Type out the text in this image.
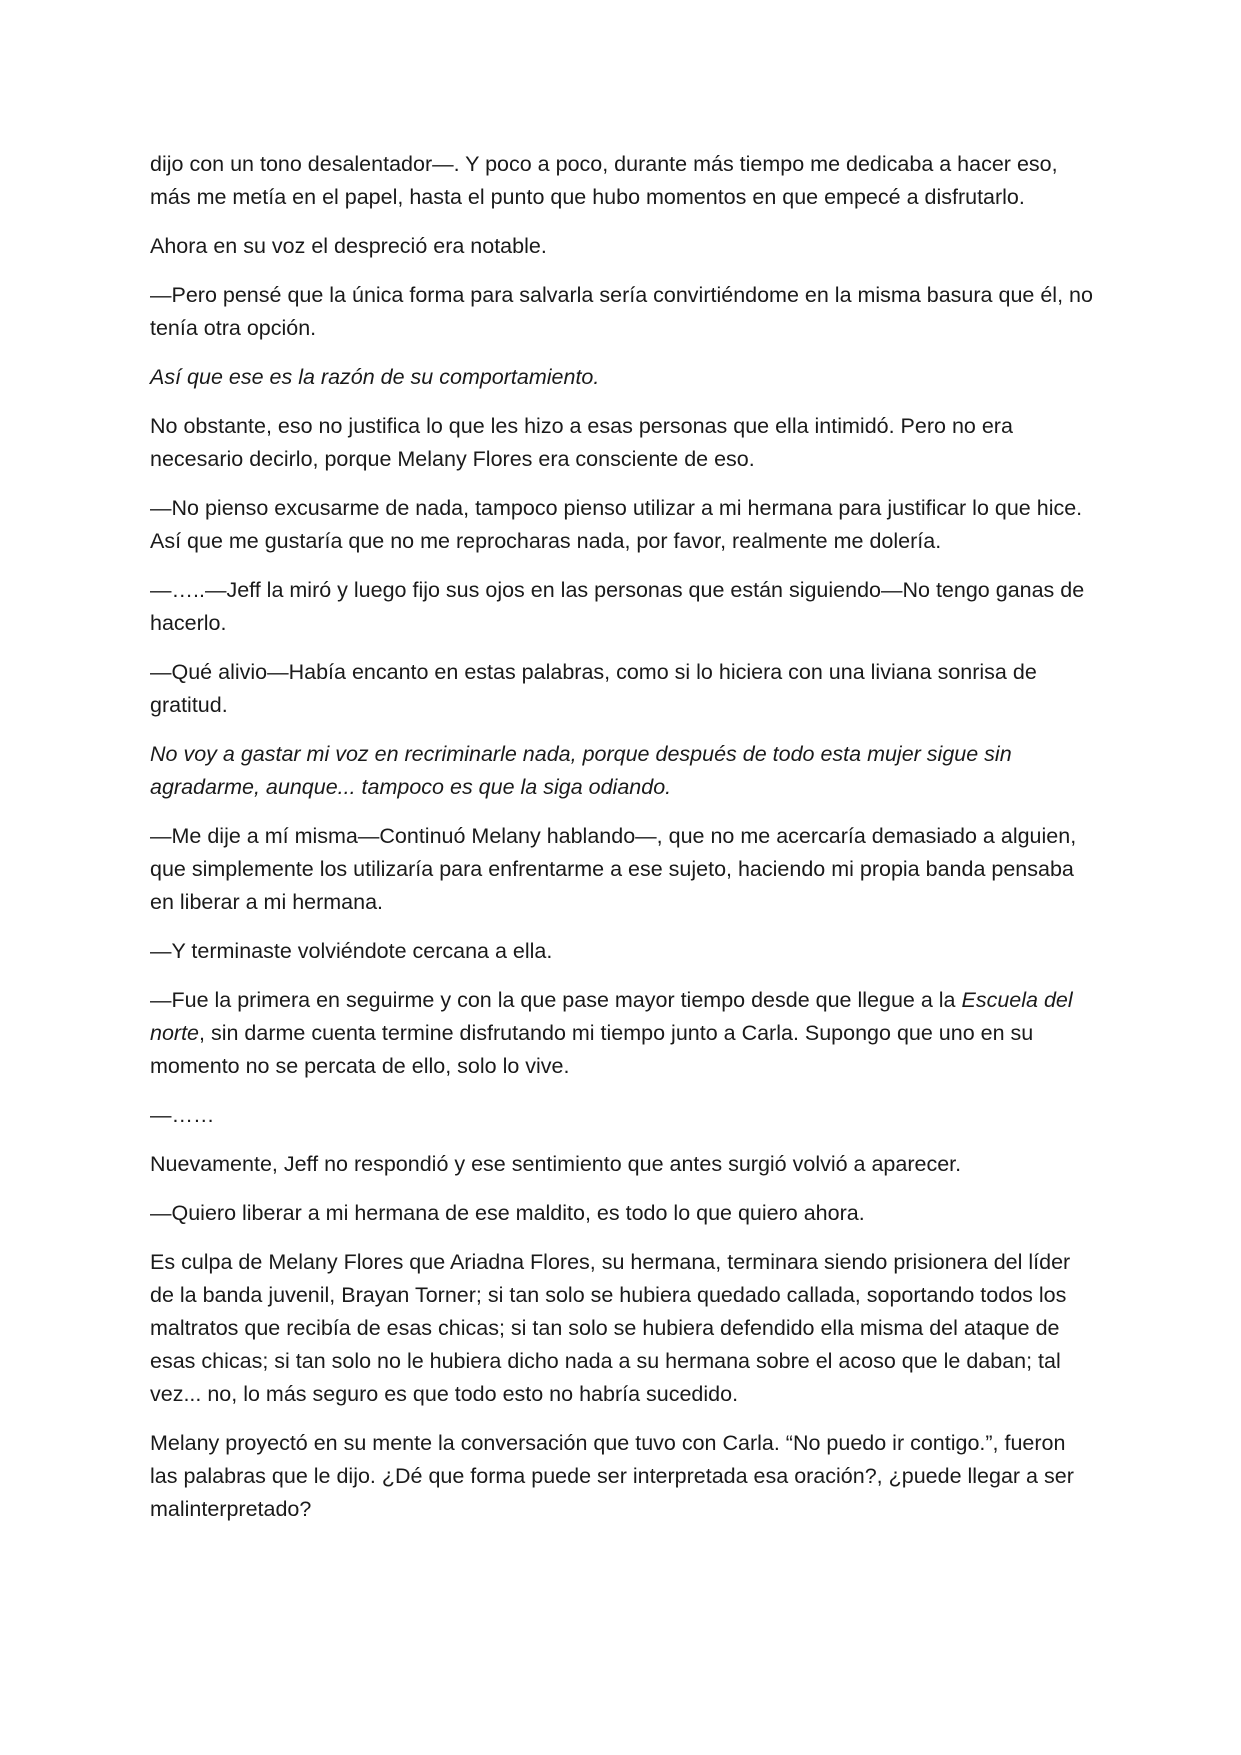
dijo con un tono desalentador—. Y poco a poco, durante más tiempo me dedicaba a hacer eso, más me metía en el papel, hasta el punto que hubo momentos en que empecé a disfrutarlo.

Ahora en su voz el despreció era notable.

—Pero pensé que la única forma para salvarla sería convirtiéndome en la misma basura que él, no tenía otra opción.

Así que ese es la razón de su comportamiento.

No obstante, eso no justifica lo que les hizo a esas personas que ella intimidó. Pero no era necesario decirlo, porque Melany Flores era consciente de eso.

—No pienso excusarme de nada, tampoco pienso utilizar a mi hermana para justificar lo que hice. Así que me gustaría que no me reprocharas nada, por favor, realmente me dolería.

—…..—Jeff la miró y luego fijo sus ojos en las personas que están siguiendo—No tengo ganas de hacerlo.

—Qué alivio—Había encanto en estas palabras, como si lo hiciera con una liviana sonrisa de gratitud.

No voy a gastar mi voz en recriminarle nada, porque después de todo esta mujer sigue sin agradarme, aunque... tampoco es que la siga odiando.

—Me dije a mí misma—Continuó Melany hablando—, que no me acercaría demasiado a alguien, que simplemente los utilizaría para enfrentarme a ese sujeto, haciendo mi propia banda pensaba en liberar a mi hermana.

—Y terminaste volviéndote cercana a ella.

—Fue la primera en seguirme y con la que pase mayor tiempo desde que llegue a la Escuela del norte, sin darme cuenta termine disfrutando mi tiempo junto a Carla. Supongo que uno en su momento no se percata de ello, solo lo vive.

—……

Nuevamente, Jeff no respondió y ese sentimiento que antes surgió volvió a aparecer.

—Quiero liberar a mi hermana de ese maldito, es todo lo que quiero ahora.

Es culpa de Melany Flores que Ariadna Flores, su hermana, terminara siendo prisionera del líder de la banda juvenil, Brayan Torner; si tan solo se hubiera quedado callada, soportando todos los maltratos que recibía de esas chicas; si tan solo se hubiera defendido ella misma del ataque de esas chicas; si tan solo no le hubiera dicho nada a su hermana sobre el acoso que le daban; tal vez... no, lo más seguro es que todo esto no habría sucedido.

Melany proyectó en su mente la conversación que tuvo con Carla. “No puedo ir contigo.”, fueron las palabras que le dijo. ¿Dé que forma puede ser interpretada esa oración?, ¿puede llegar a ser malinterpretado?
